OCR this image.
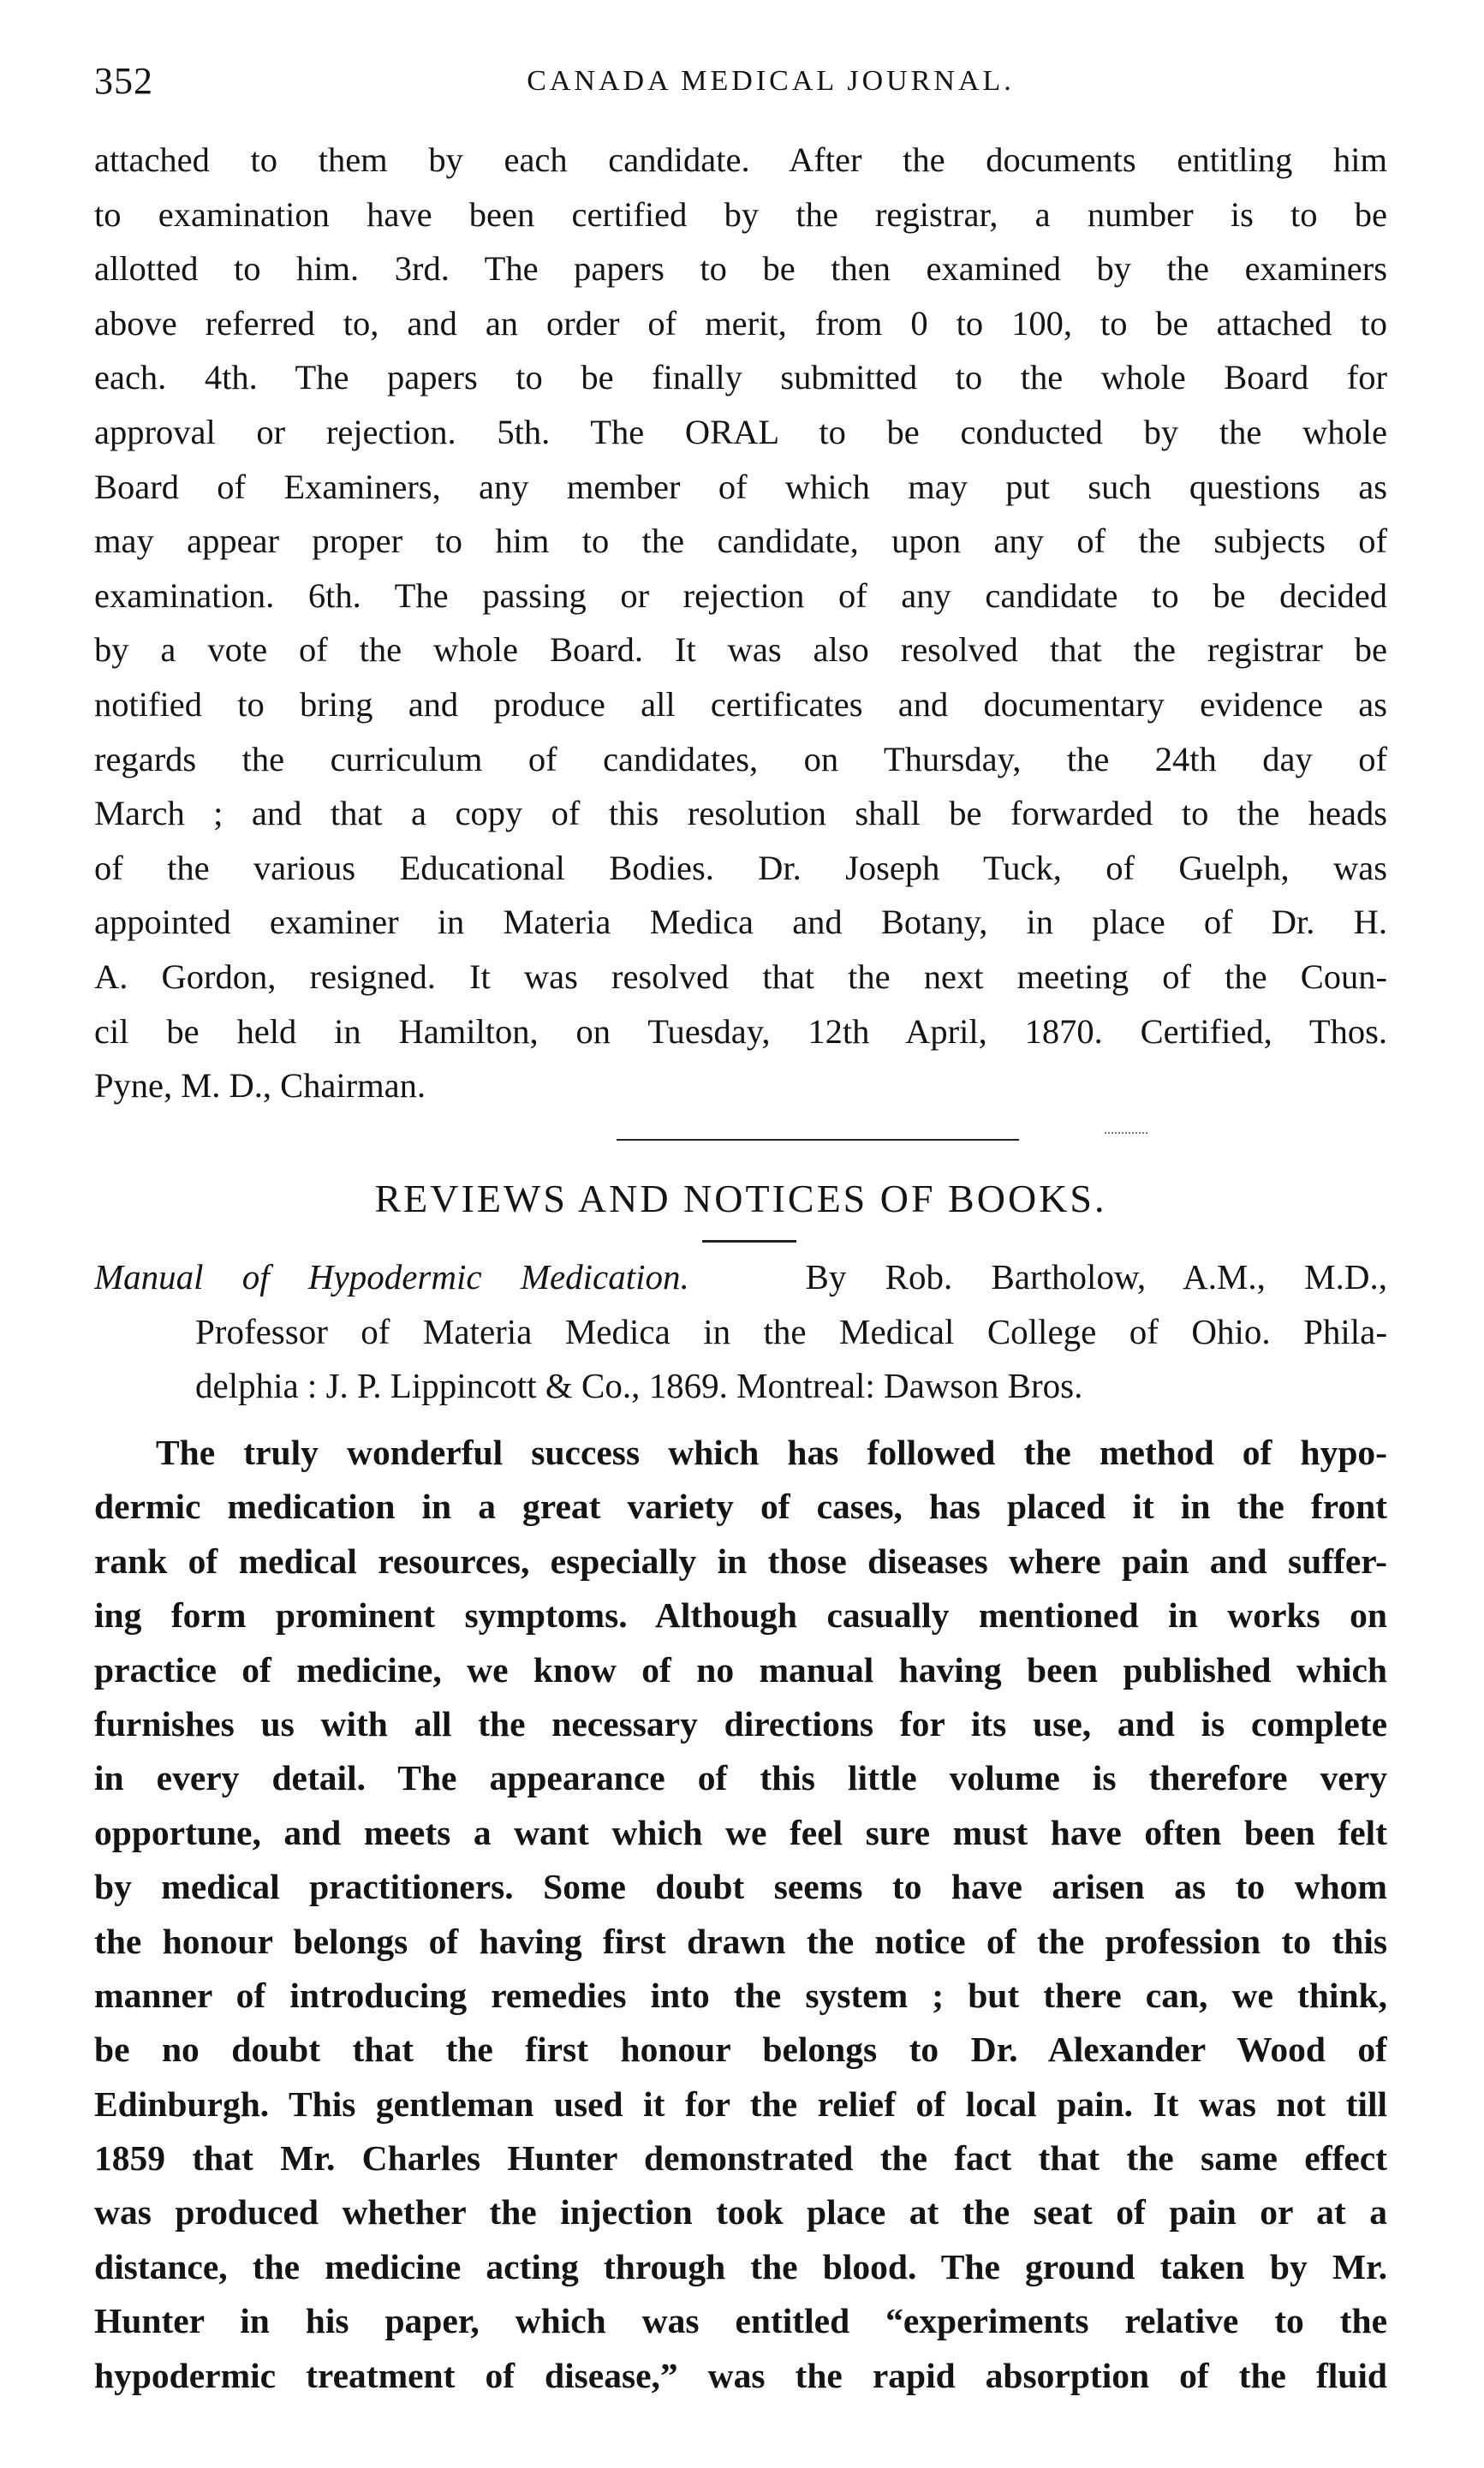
352	CANADA MEDICAL JOURNAL.
attached to them by each candidate. After the documents entitling him
to examination have been certified by the registrar, a number is to be
allotted to him. 3rd. The papers to be then examined by the examiners
above referred to, and an order of merit, from 0 to 100, to be attached to
each. 4th. The papers to be finally submitted to the whole Board for
approval or rejection. 5th. The ORAL to be conducted by the whole
Board of Examiners, any member of which may put such questions as
may appear proper to him to the candidate, upon any of the subjects of
examination. 6th. The passing or rejection of any candidate to be decided
by a vote of the whole Board. It was also resolved that the registrar be
notified to bring and produce all certificates and documentary evidence as
regards the curriculum of candidates, on Thursday, the 24th day of
March ; and that a copy of this resolution shall be forwarded to the heads
of the various Educational Bodies. Dr. Joseph Tuck, of Guelph, was
appointed examiner in Materia Medica and Botany, in place of Dr. H.
A. Gordon, resigned. It was resolved that the next meeting of the Coun-
cil be held in Hamilton, on Tuesday, 12th April, 1870. Certified, Thos.
Pyne, M. D., Chairman.
REVIEWS AND NOTICES OF BOOKS.
Manual of Hypodermic Medication.	By Rob. Bartholow, A.M., M.D.,
Professor of Materia Medica in the Medical College of Ohio. Phila-
delphia : J. P. Lippincott & Co., 1869. Montreal: Dawson Bros.
The truly wonderful success which has followed the method of hypo-
dermic medication in a great variety of cases, has placed it in the front
rank of medical resources, especially in those diseases where pain and suffer-
ing form prominent symptoms. Although casually mentioned in works on
practice of medicine, we know of no manual having been published which
furnishes us with all the necessary directions for its use, and is complete
in every detail. The appearance of this little volume is therefore very
opportune, and meets a want which we feel sure must have often been felt
by medical practitioners. Some doubt seems to have arisen as to whom
the honour belongs of having first drawn the notice of the profession to this
manner of introducing remedies into the system ; but there can, we think,
be no doubt that the first honour belongs to Dr. Alexander Wood of
Edinburgh. This gentleman used it for the relief of local pain. It was not till
1859 that Mr. Charles Hunter demonstrated the fact that the same effect
was produced whether the injection took place at the seat of pain or at a
distance, the medicine acting through the blood. The ground taken by Mr.
Hunter in his paper, which was entitled “experiments relative to the
hypodermic treatment of disease,” was the rapid absorption of the fluid
